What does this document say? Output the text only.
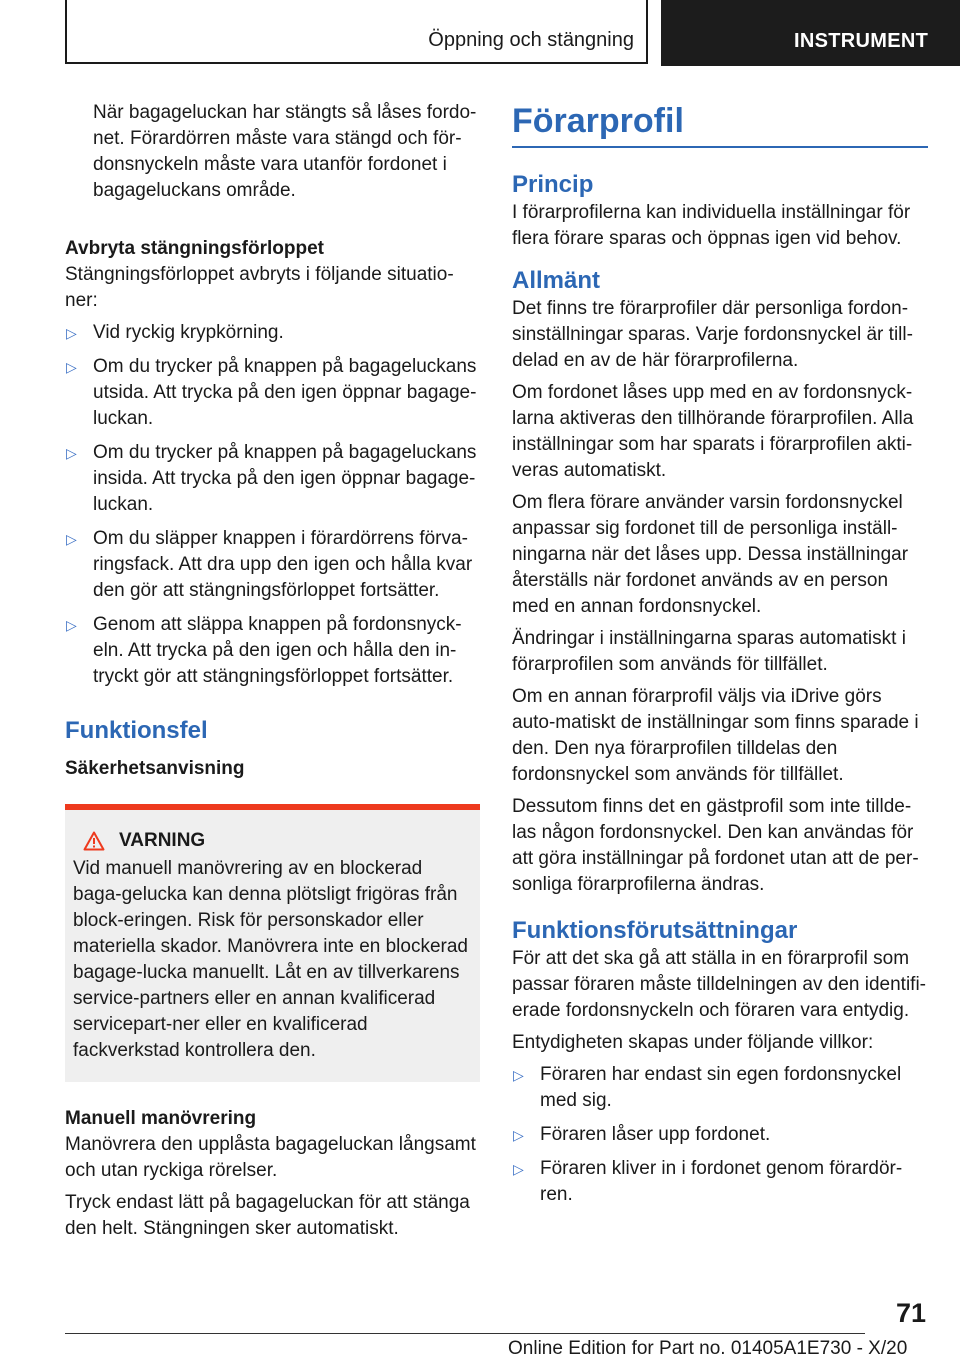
Öppning och stängning	INSTRUMENT

När bagageluckan har stängts så låses fordo-net. Förardörren måste vara stängd och för-donsnyckeln måste vara utanför fordonet i bagageluckans område.

Avbryta stängningsförloppet

Stängningsförloppet avbryts i följande situatio-ner:

▷ Vid ryckig krypkörning.
▷ Om du trycker på knappen på bagageluckans utsida. Att trycka på den igen öppnar bagage-luckan.
▷ Om du trycker på knappen på bagageluckans insida. Att trycka på den igen öppnar bagage-luckan.
▷ Om du släpper knappen i förardörrens förva-ringsfack. Att dra upp den igen och hålla kvar den gör att stängningsförloppet fortsätter.
▷ Genom att släppa knappen på fordonsnyck-eln. Att trycka på den igen och hålla den in-tryckt gör att stängningsförloppet fortsätter.
Funktionsfel

Säkerhetsanvisning

VARNING

Vid manuell manövrering av en blockerad baga-gelucka kan denna plötsligt frigöras från block-eringen. Risk för personskador eller materiella skador. Manövrera inte en blockerad bagage-lucka manuellt. Låt en av tillverkarens service-partners eller en annan kvalificerad servicepart-ner eller en kvalificerad fackverkstad kontrollera den.

Manuell manövrering

Manövrera den upplåsta bagageluckan långsamt och utan ryckiga rörelser.

Tryck endast lätt på bagageluckan för att stänga den helt. Stängningen sker automatiskt.

Förarprofil
Princip

I förarprofilerna kan individuella inställningar för flera förare sparas och öppnas igen vid behov.

Allmänt

Det finns tre förarprofiler där personliga fordon-sinställningar sparas. Varje fordonsnyckel är till-delad en av de här förarprofilerna.

Om fordonet låses upp med en av fordonsnyck-larna aktiveras den tillhörande förarprofilen. Alla inställningar som har sparats i förarprofilen akti-veras automatiskt.

Om flera förare använder varsin fordonsnyckel anpassar sig fordonet till de personliga inställ-ningarna när det låses upp. Dessa inställningar återställs när fordonet används av en person med en annan fordonsnyckel.

Ändringar i inställningarna sparas automatiskt i förarprofilen som används för tillfället.

Om en annan förarprofil väljs via iDrive görs auto-matiskt de inställningar som finns sparade i den. Den nya förarprofilen tilldelas den fordonsnyckel som används för tillfället.

Dessutom finns det en gästprofil som inte tillde-las någon fordonsnyckel. Den kan användas för att göra inställningar på fordonet utan att de per-sonliga förarprofilerna ändras.

Funktionsförutsättningar

För att det ska gå att ställa in en förarprofil som passar föraren måste tilldelningen av den identifi-erade fordonsnyckeln och föraren vara entydig.

Entydigheten skapas under följande villkor:

▷ Föraren har endast sin egen fordonsnyckel med sig.
▷ Föraren låser upp fordonet.
▷ Föraren kliver in i fordonet genom förardör-ren.
71
Online Edition for Part no. 01405A1E730 - X/20
